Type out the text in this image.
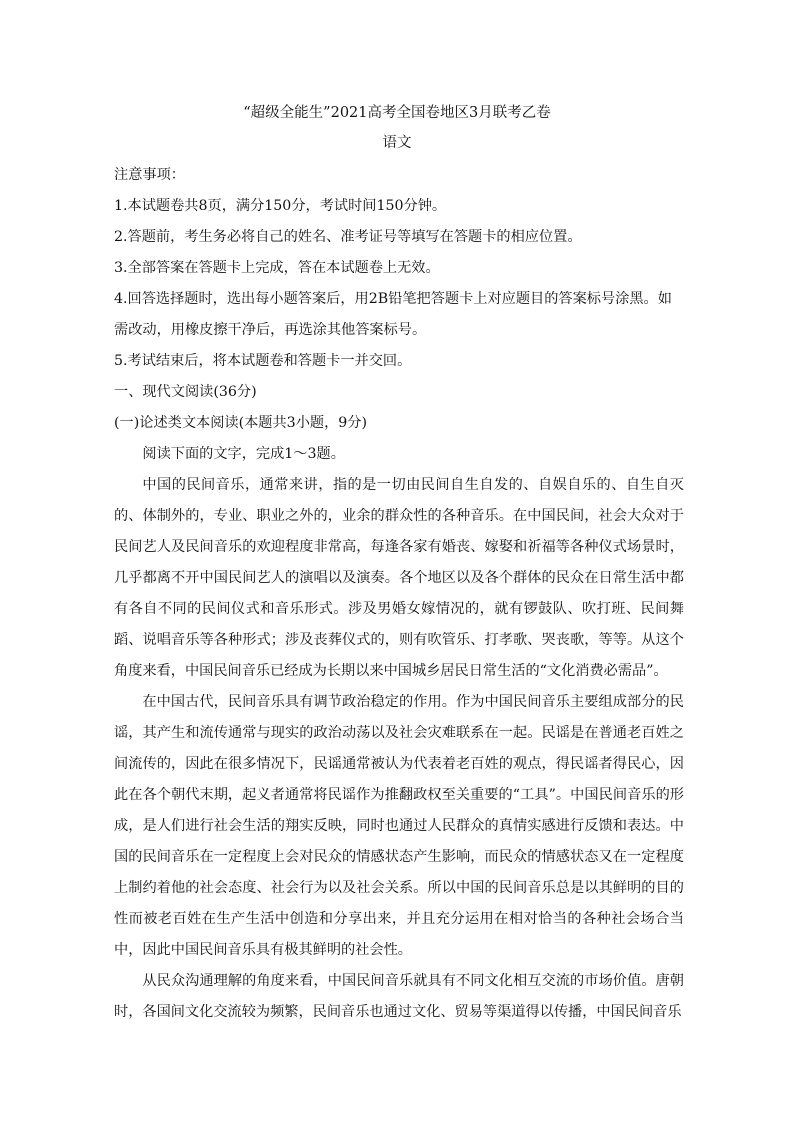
“超级全能生”2021高考全国卷地区3月联考乙卷
语文

注意事项：

1.本试题卷共8页，满分150分，考试时间150分钟。

2.答题前，考生务必将自己的姓名、准考证号等填写在答题卡的相应位置。

3.全部答案在答题卡上完成，答在本试题卷上无效。

4.回答选择题时，选出每小题答案后，用2B铅笔把答题卡上对应题目的答案标号涂黑。如需改动，用橡皮擦干净后，再选涂其他答案标号。

5.考试结束后，将本试题卷和答题卡一并交回。

一、现代文阅读(36分)

(一)论述类文本阅读(本题共3小题，9分)

阅读下面的文字，完成1～3题。

中国的民间音乐，通常来讲，指的是一切由民间自生自发的、自娱自乐的、自生自灭的、体制外的，专业、职业之外的，业余的群众性的各种音乐。在中国民间，社会大众对于民间艺人及民间音乐的欢迎程度非常高，每逢各家有婚丧、嫁娶和祈福等各种仪式场景时，几乎都离不开中国民间艺人的演唱以及演奏。各个地区以及各个群体的民众在日常生活中都有各自不同的民间仪式和音乐形式。涉及男婚女嫁情况的，就有锣鼓队、吹打班、民间舞蹈、说唱音乐等各种形式；涉及丧葬仪式的，则有吹管乐、打孝歌、哭丧歌，等等。从这个角度来看，中国民间音乐已经成为长期以来中国城乡居民日常生活的“文化消费必需品”。

在中国古代，民间音乐具有调节政治稳定的作用。作为中国民间音乐主要组成部分的民谣，其产生和流传通常与现实的政治动荡以及社会灾难联系在一起。民谣是在普通老百姓之间流传的，因此在很多情况下，民谣通常被认为代表着老百姓的观点，得民谣者得民心，因此在各个朝代末期，起义者通常将民谣作为推翻政权至关重要的“工具”。中国民间音乐的形成，是人们进行社会生活的翔实反映，同时也通过人民群众的真情实感进行反馈和表达。中国的民间音乐在一定程度上会对民众的情感状态产生影响，而民众的情感状态又在一定程度上制约着他的社会态度、社会行为以及社会关系。所以中国的民间音乐总是以其鲜明的目的性而被老百姓在生产生活中创造和分享出来，并且充分运用在相对恰当的各种社会场合当中，因此中国民间音乐具有极其鲜明的社会性。

从民众沟通理解的角度来看，中国民间音乐就具有不同文化相互交流的市场价值。唐朝时，各国间文化交流较为频繁，民间音乐也通过文化、贸易等渠道得以传播，中国民间音乐
